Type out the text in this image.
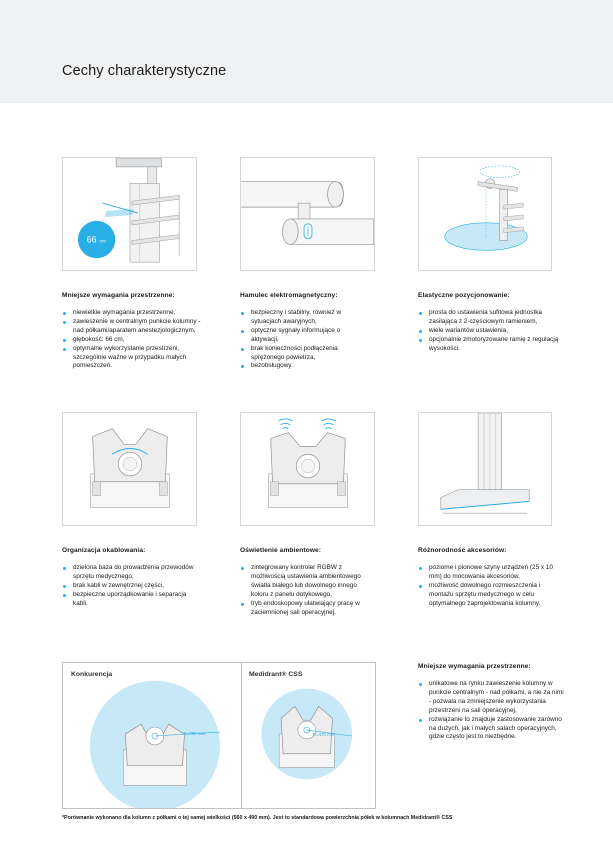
Cechy charakterystyczne
66 cm
Mniejsze wymagania przestrzenne:
niewielkie wymagania przestrzenne,
zawieszenie w centralnym punkcie kolumny - nad półkami/aparatem anestezjologicznym,
głębokość: 66 cm,
optymalne wykorzystanie przestrzeni, szczególnie ważne w przypadku małych pomieszczeń.
Hamulec elektromagnetyczny:
bezpieczny i stabilny, również w sytuacjach awaryjnych,
optyczne sygnały informujące o aktywacji,
brak konieczności podłączenia sprężonego powietrza,
bezobsługowy.
Elastyczne pozycjonowanie:
prosta do ustawienia sufitowa jednostka zasilająca z 2-częściowym ramieniem,
wiele wariantów ustawienia,
opcjonalnie zmotoryzowane ramię z regulacją wysokości.
Organizacja okablowania:
dzielona baza do prowadzenia przewodów sprzętu medycznego,
brak kabli w zewnętrznej części,
bezpieczne uporządkowanie i separacja kabli.
Oświetlenie ambientowe:
zintegrowany kontroler RGBW z możliwością ustawienia ambientowego światła białego lub dowolnego innego koloru z panelu dotykowego,
tryb endoskopowy ułatwiający pracę w zaciemnionej sali operacyjnej.
Różnorodność akcesoriów:
poziome i pionowe szyny urządzeń (25 x 10 mm) do mocowania akcesoriów,
możliwość dowolnego rozmieszczenia i montażu sprzętu medycznego w celu optymalnego zaprojektowania kolumny.
R=700 mm	R=470 mm
Konkurencja	Medidrant® CSS
Mniejsze wymagania przestrzenne:
unikatowe na rynku zawieszenie kolumny w punkcie centralnym - nad półkami, a nie za nimi - pozwala na zmniejszenie wykorzystania przestrzeni na sali operacyjnej,
rozwiązanie to znajduje zastosowanie zarówno na dużych, jak i małych salach operacyjnych, gdzie często jest to niezbędne.
*Porównanie wykonano dla kolumn z półkami o tej samej wielkości (560 x 490 mm). Jest to standardowa powierzchnia półek w kolumnach Medidrant® CSS
